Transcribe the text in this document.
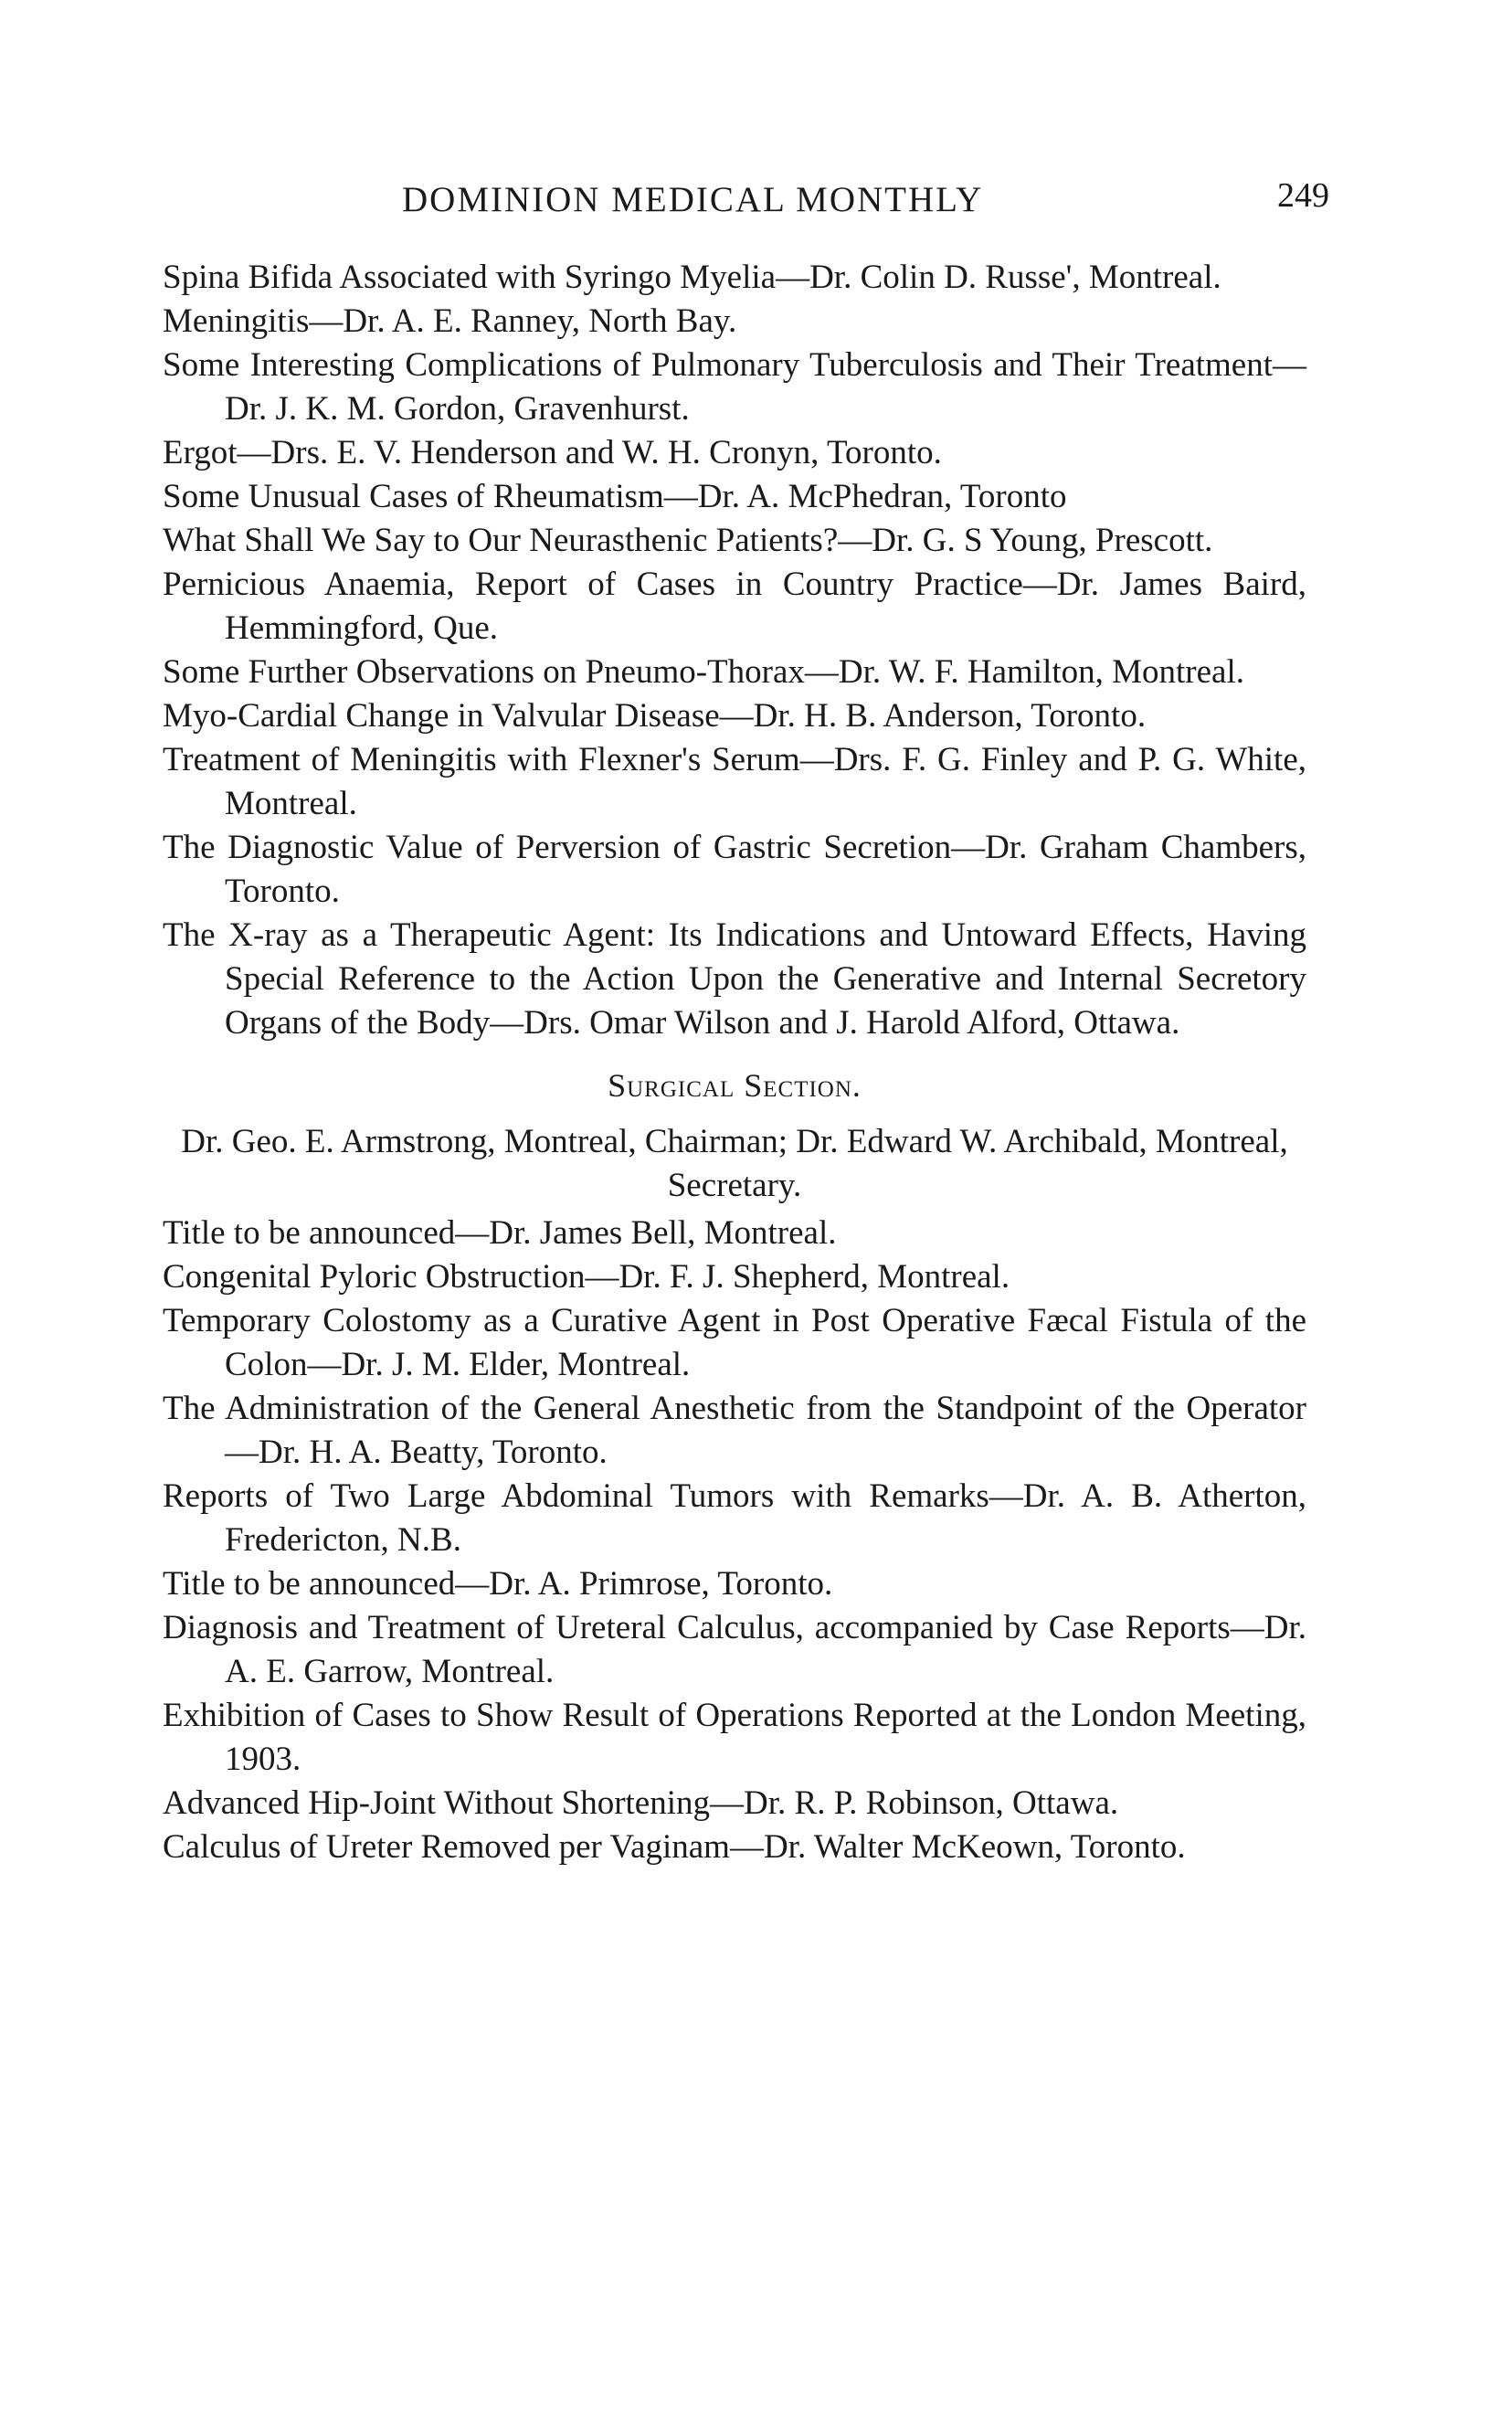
DOMINION MEDICAL MONTHLY	249

Spina Bifida Associated with Syringo Myelia—Dr. Colin D. Russe', Montreal.

Meningitis—Dr. A. E. Ranney, North Bay.

Some Interesting Complications of Pulmonary Tuberculosis and Their Treatment—Dr. J. K. M. Gordon, Gravenhurst.

Ergot—Drs. E. V. Henderson and W. H. Cronyn, Toronto.

Some Unusual Cases of Rheumatism—Dr. A. McPhedran, Toronto

What Shall We Say to Our Neurasthenic Patients?—Dr. G. S Young, Prescott.

Pernicious Anaemia, Report of Cases in Country Practice—Dr. James Baird, Hemmingford, Que.

Some Further Observations on Pneumo-Thorax—Dr. W. F. Hamilton, Montreal.

Myo-Cardial Change in Valvular Disease—Dr. H. B. Anderson, Toronto.

Treatment of Meningitis with Flexner's Serum—Drs. F. G. Finley and P. G. White, Montreal.

The Diagnostic Value of Perversion of Gastric Secretion—Dr. Graham Chambers, Toronto.

The X-ray as a Therapeutic Agent: Its Indications and Untoward Effects, Having Special Reference to the Action Upon the Generative and Internal Secretory Organs of the Body—Drs. Omar Wilson and J. Harold Alford, Ottawa.

Surgical Section.

Dr. Geo. E. Armstrong, Montreal, Chairman; Dr. Edward W. Archibald, Montreal, Secretary.

Title to be announced—Dr. James Bell, Montreal.

Congenital Pyloric Obstruction—Dr. F. J. Shepherd, Montreal.

Temporary Colostomy as a Curative Agent in Post Operative Fæcal Fistula of the Colon—Dr. J. M. Elder, Montreal.

The Administration of the General Anesthetic from the Standpoint of the Operator—Dr. H. A. Beatty, Toronto.

Reports of Two Large Abdominal Tumors with Remarks—Dr. A. B. Atherton, Fredericton, N.B.

Title to be announced—Dr. A. Primrose, Toronto.

Diagnosis and Treatment of Ureteral Calculus, accompanied by Case Reports—Dr. A. E. Garrow, Montreal.

Exhibition of Cases to Show Result of Operations Reported at the London Meeting, 1903.

Advanced Hip-Joint Without Shortening—Dr. R. P. Robinson, Ottawa.

Calculus of Ureter Removed per Vaginam—Dr. Walter McKeown, Toronto.
